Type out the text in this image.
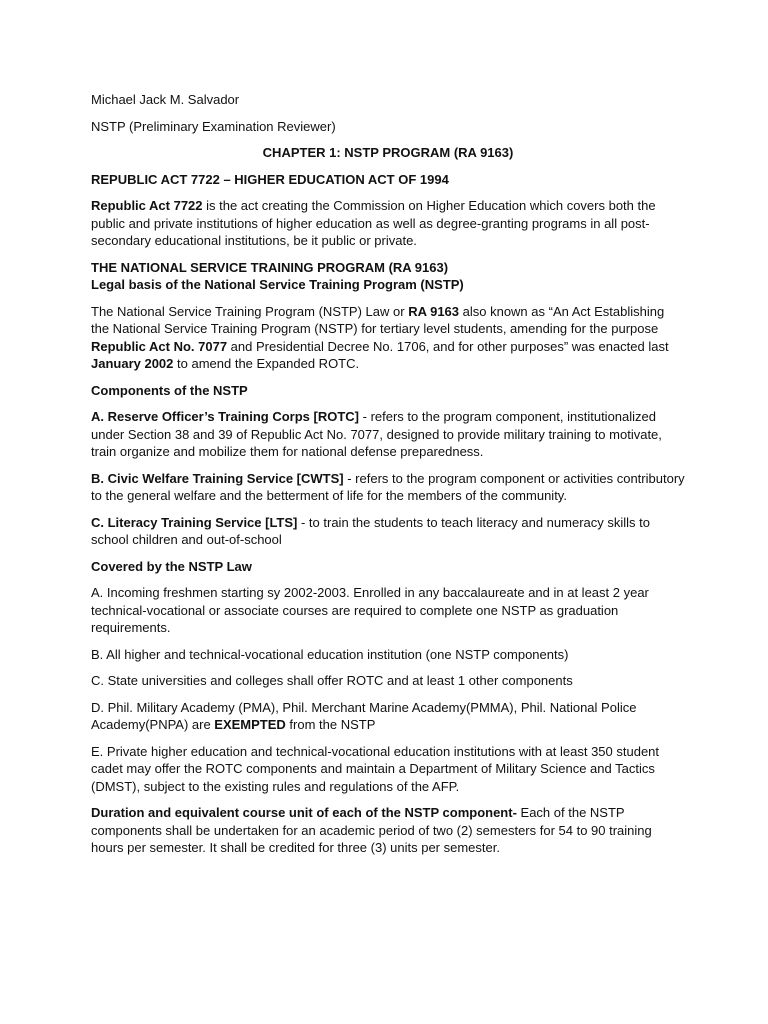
Michael Jack M. Salvador

NSTP (Preliminary Examination Reviewer)

CHAPTER 1: NSTP PROGRAM (RA 9163)

REPUBLIC ACT 7722 – HIGHER EDUCATION ACT OF 1994

Republic Act 7722 is the act creating the Commission on Higher Education which covers both the public and private institutions of higher education as well as degree-granting programs in all post-secondary educational institutions, be it public or private.

THE NATIONAL SERVICE TRAINING PROGRAM (RA 9163)
Legal basis of the National Service Training Program (NSTP)

The National Service Training Program (NSTP) Law or RA 9163 also known as “An Act Establishing the National Service Training Program (NSTP) for tertiary level students, amending for the purpose Republic Act No. 7077 and Presidential Decree No. 1706, and for other purposes” was enacted last January 2002 to amend the Expanded ROTC.

Components of the NSTP

A. Reserve Officer’s Training Corps [ROTC] - refers to the program component, institutionalized under Section 38 and 39 of Republic Act No. 7077, designed to provide military training to motivate, train organize and mobilize them for national defense preparedness.

B. Civic Welfare Training Service [CWTS] - refers to the program component or activities contributory to the general welfare and the betterment of life for the members of the community.

C. Literacy Training Service [LTS] - to train the students to teach literacy and numeracy skills to school children and out-of-school

Covered by the NSTP Law

A. Incoming freshmen starting sy 2002-2003. Enrolled in any baccalaureate and in at least 2 year technical-vocational or associate courses are required to complete one NSTP as graduation requirements.

B. All higher and technical-vocational education institution (one NSTP components)

C. State universities and colleges shall offer ROTC and at least 1 other components

D. Phil. Military Academy (PMA), Phil. Merchant Marine Academy(PMMA), Phil. National Police Academy(PNPA) are EXEMPTED from the NSTP

E. Private higher education and technical-vocational education institutions with at least 350 student cadet may offer the ROTC components and maintain a Department of Military Science and Tactics (DMST), subject to the existing rules and regulations of the AFP.

Duration and equivalent course unit of each of the NSTP component- Each of the NSTP components shall be undertaken for an academic period of two (2) semesters for 54 to 90 training hours per semester. It shall be credited for three (3) units per semester.
